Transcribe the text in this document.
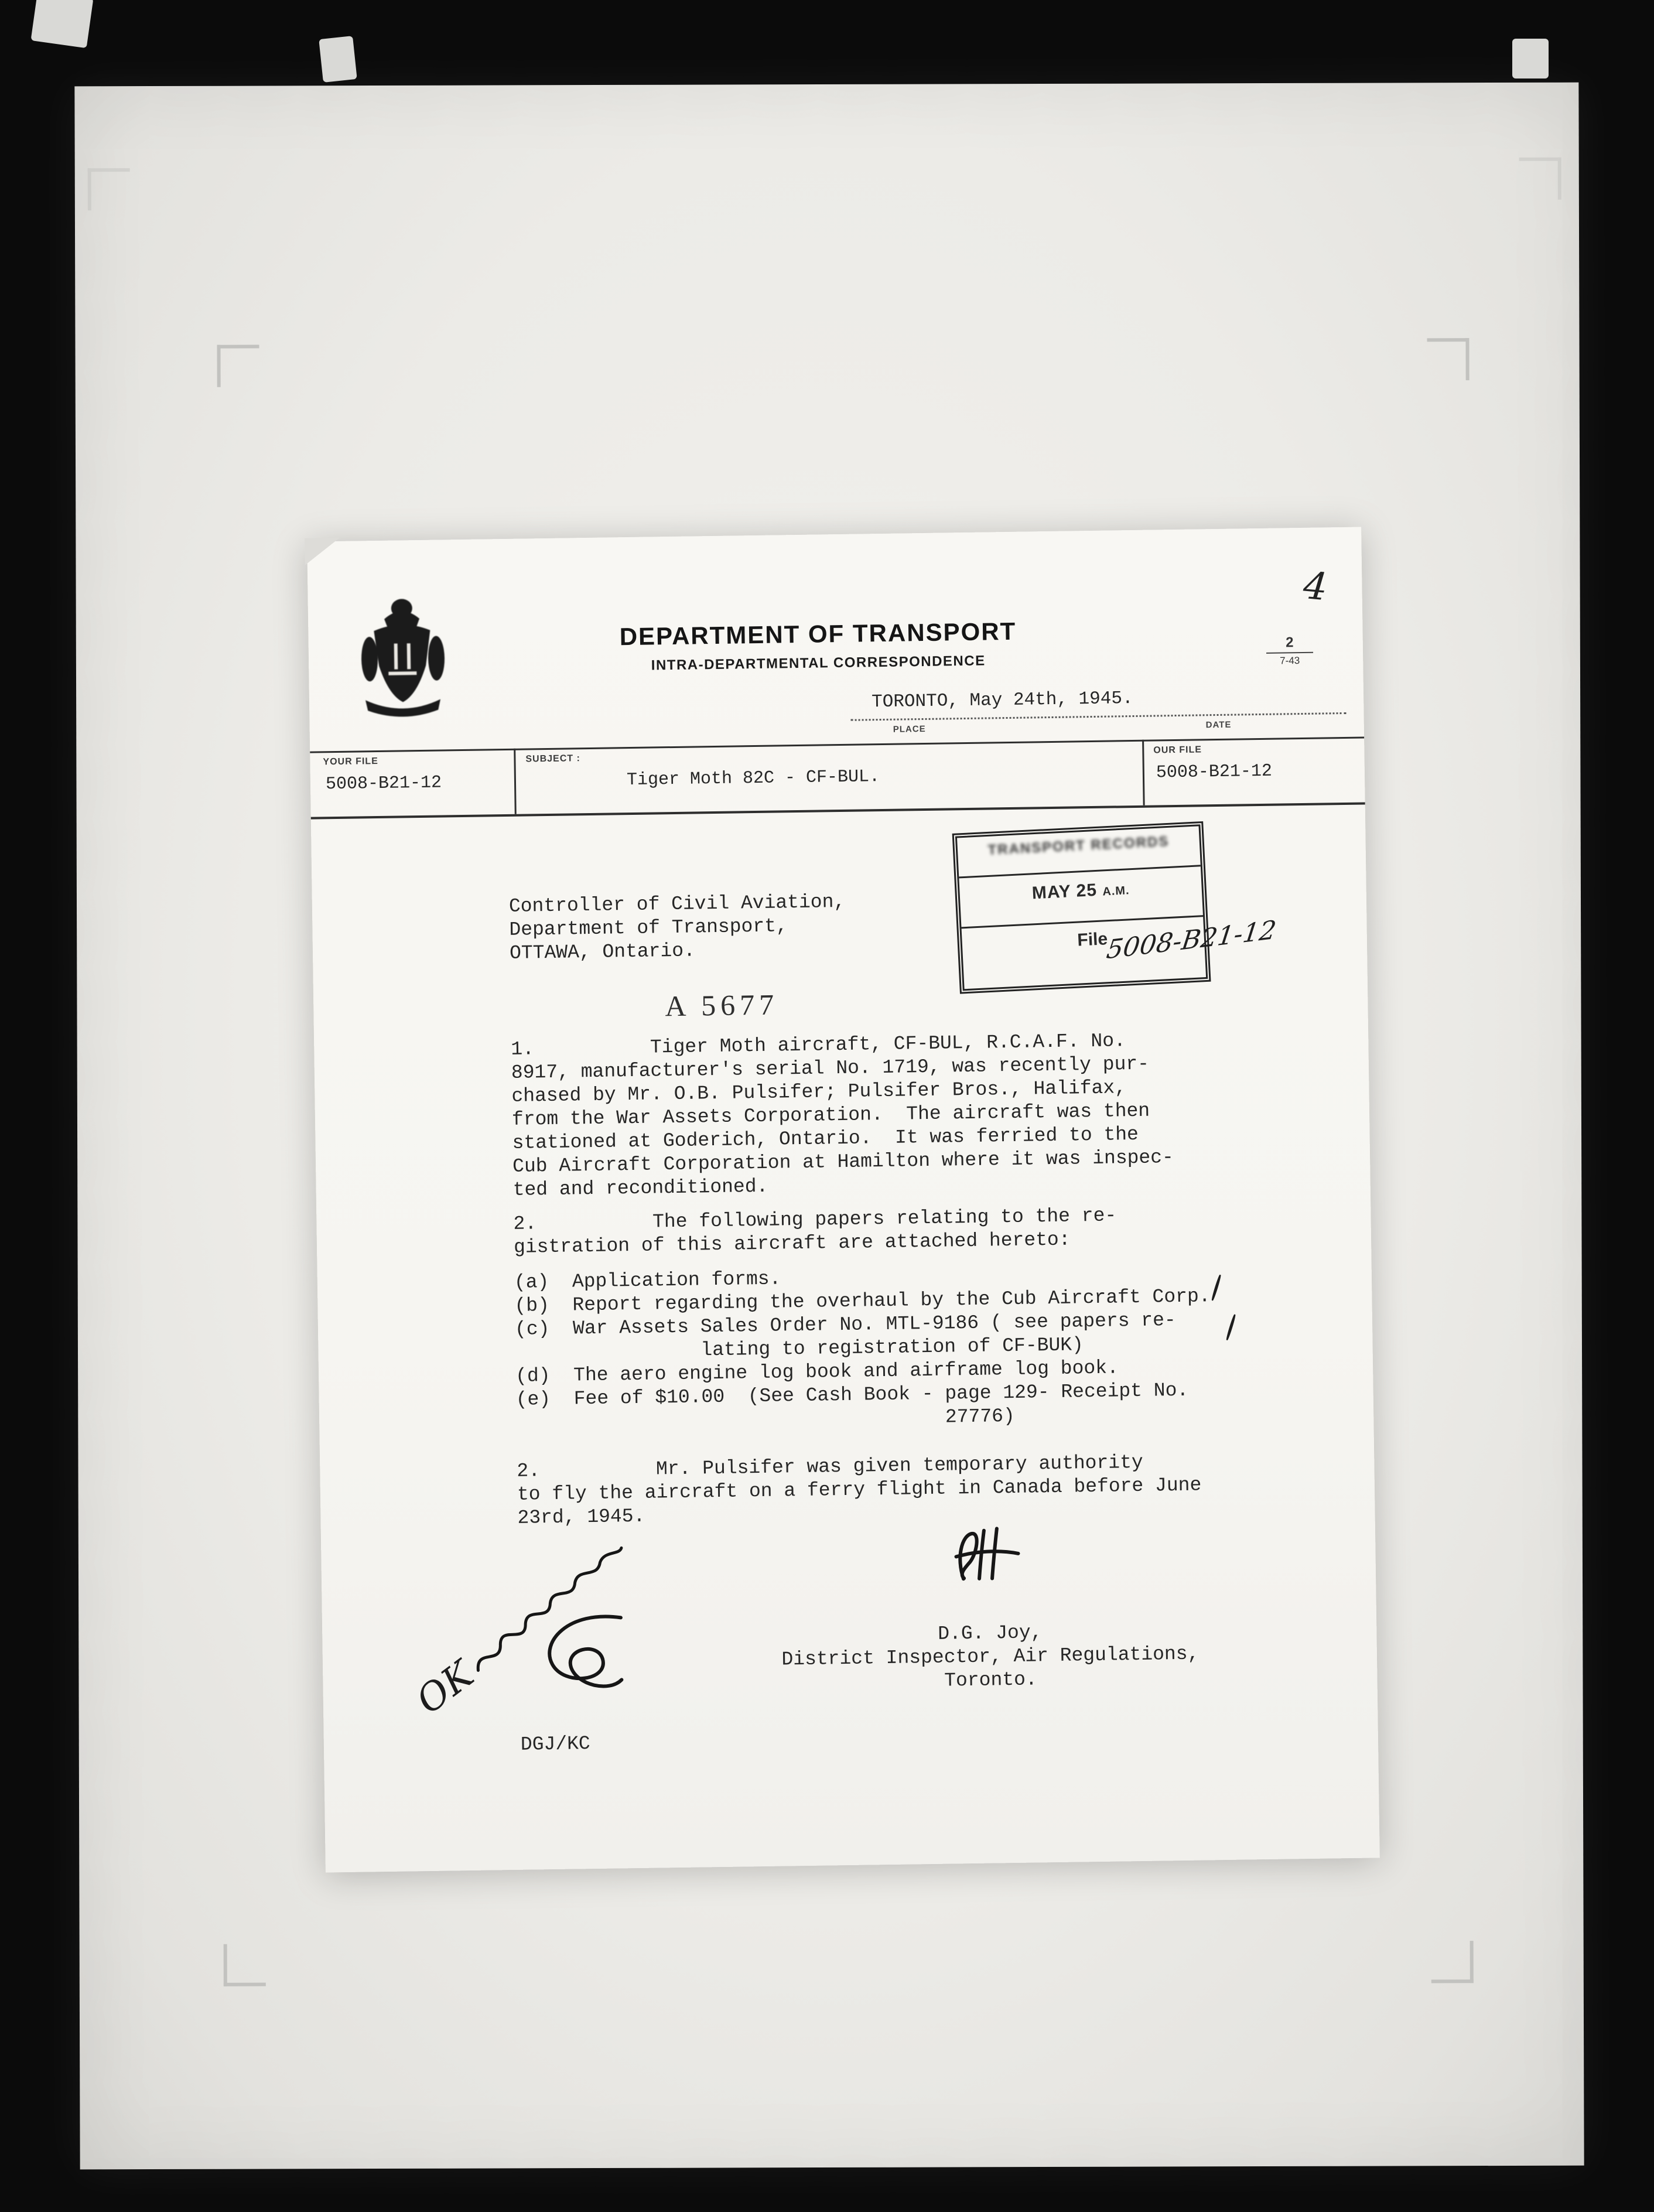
DEPARTMENT OF TRANSPORT
INTRA-DEPARTMENTAL CORRESPONDENCE
2
7-43
4
TORONTO, May 24th, 1945.
PLACE	DATE
YOUR FILE
5008-B21-12
SUBJECT :
Tiger Moth 82C - CF-BUL.
OUR FILE
5008-B21-12
TRANSPORT RECORDS
MAY 25 A.M.
File
5008-B21-12
Controller of Civil Aviation,
Department of Transport,
OTTAWA, Ontario.
A 5677
1.          Tiger Moth aircraft, CF-BUL, R.C.A.F. No.
8917, manufacturer's serial No. 1719, was recently pur-
chased by Mr. O.B. Pulsifer; Pulsifer Bros., Halifax,
from the War Assets Corporation.  The aircraft was then
stationed at Goderich, Ontario.  It was ferried to the
Cub Aircraft Corporation at Hamilton where it was inspec-
ted and reconditioned.
2.          The following papers relating to the re-
gistration of this aircraft are attached hereto:
(a)  Application forms.
(b)  Report regarding the overhaul by the Cub Aircraft Corp.
(c)  War Assets Sales Order No. MTL-9186 ( see papers re-
lating to registration of CF-BUK)
(d)  The aero engine log book and airframe log book.
(e)  Fee of $10.00  (See Cash Book - page 129- Receipt No.
27776)
2.          Mr. Pulsifer was given temporary authority
to fly the aircraft on a ferry flight in Canada before June
23rd, 1945.
D.G. Joy,
District Inspector, Air Regulations,
Toronto.
DGJ/KC
OK
